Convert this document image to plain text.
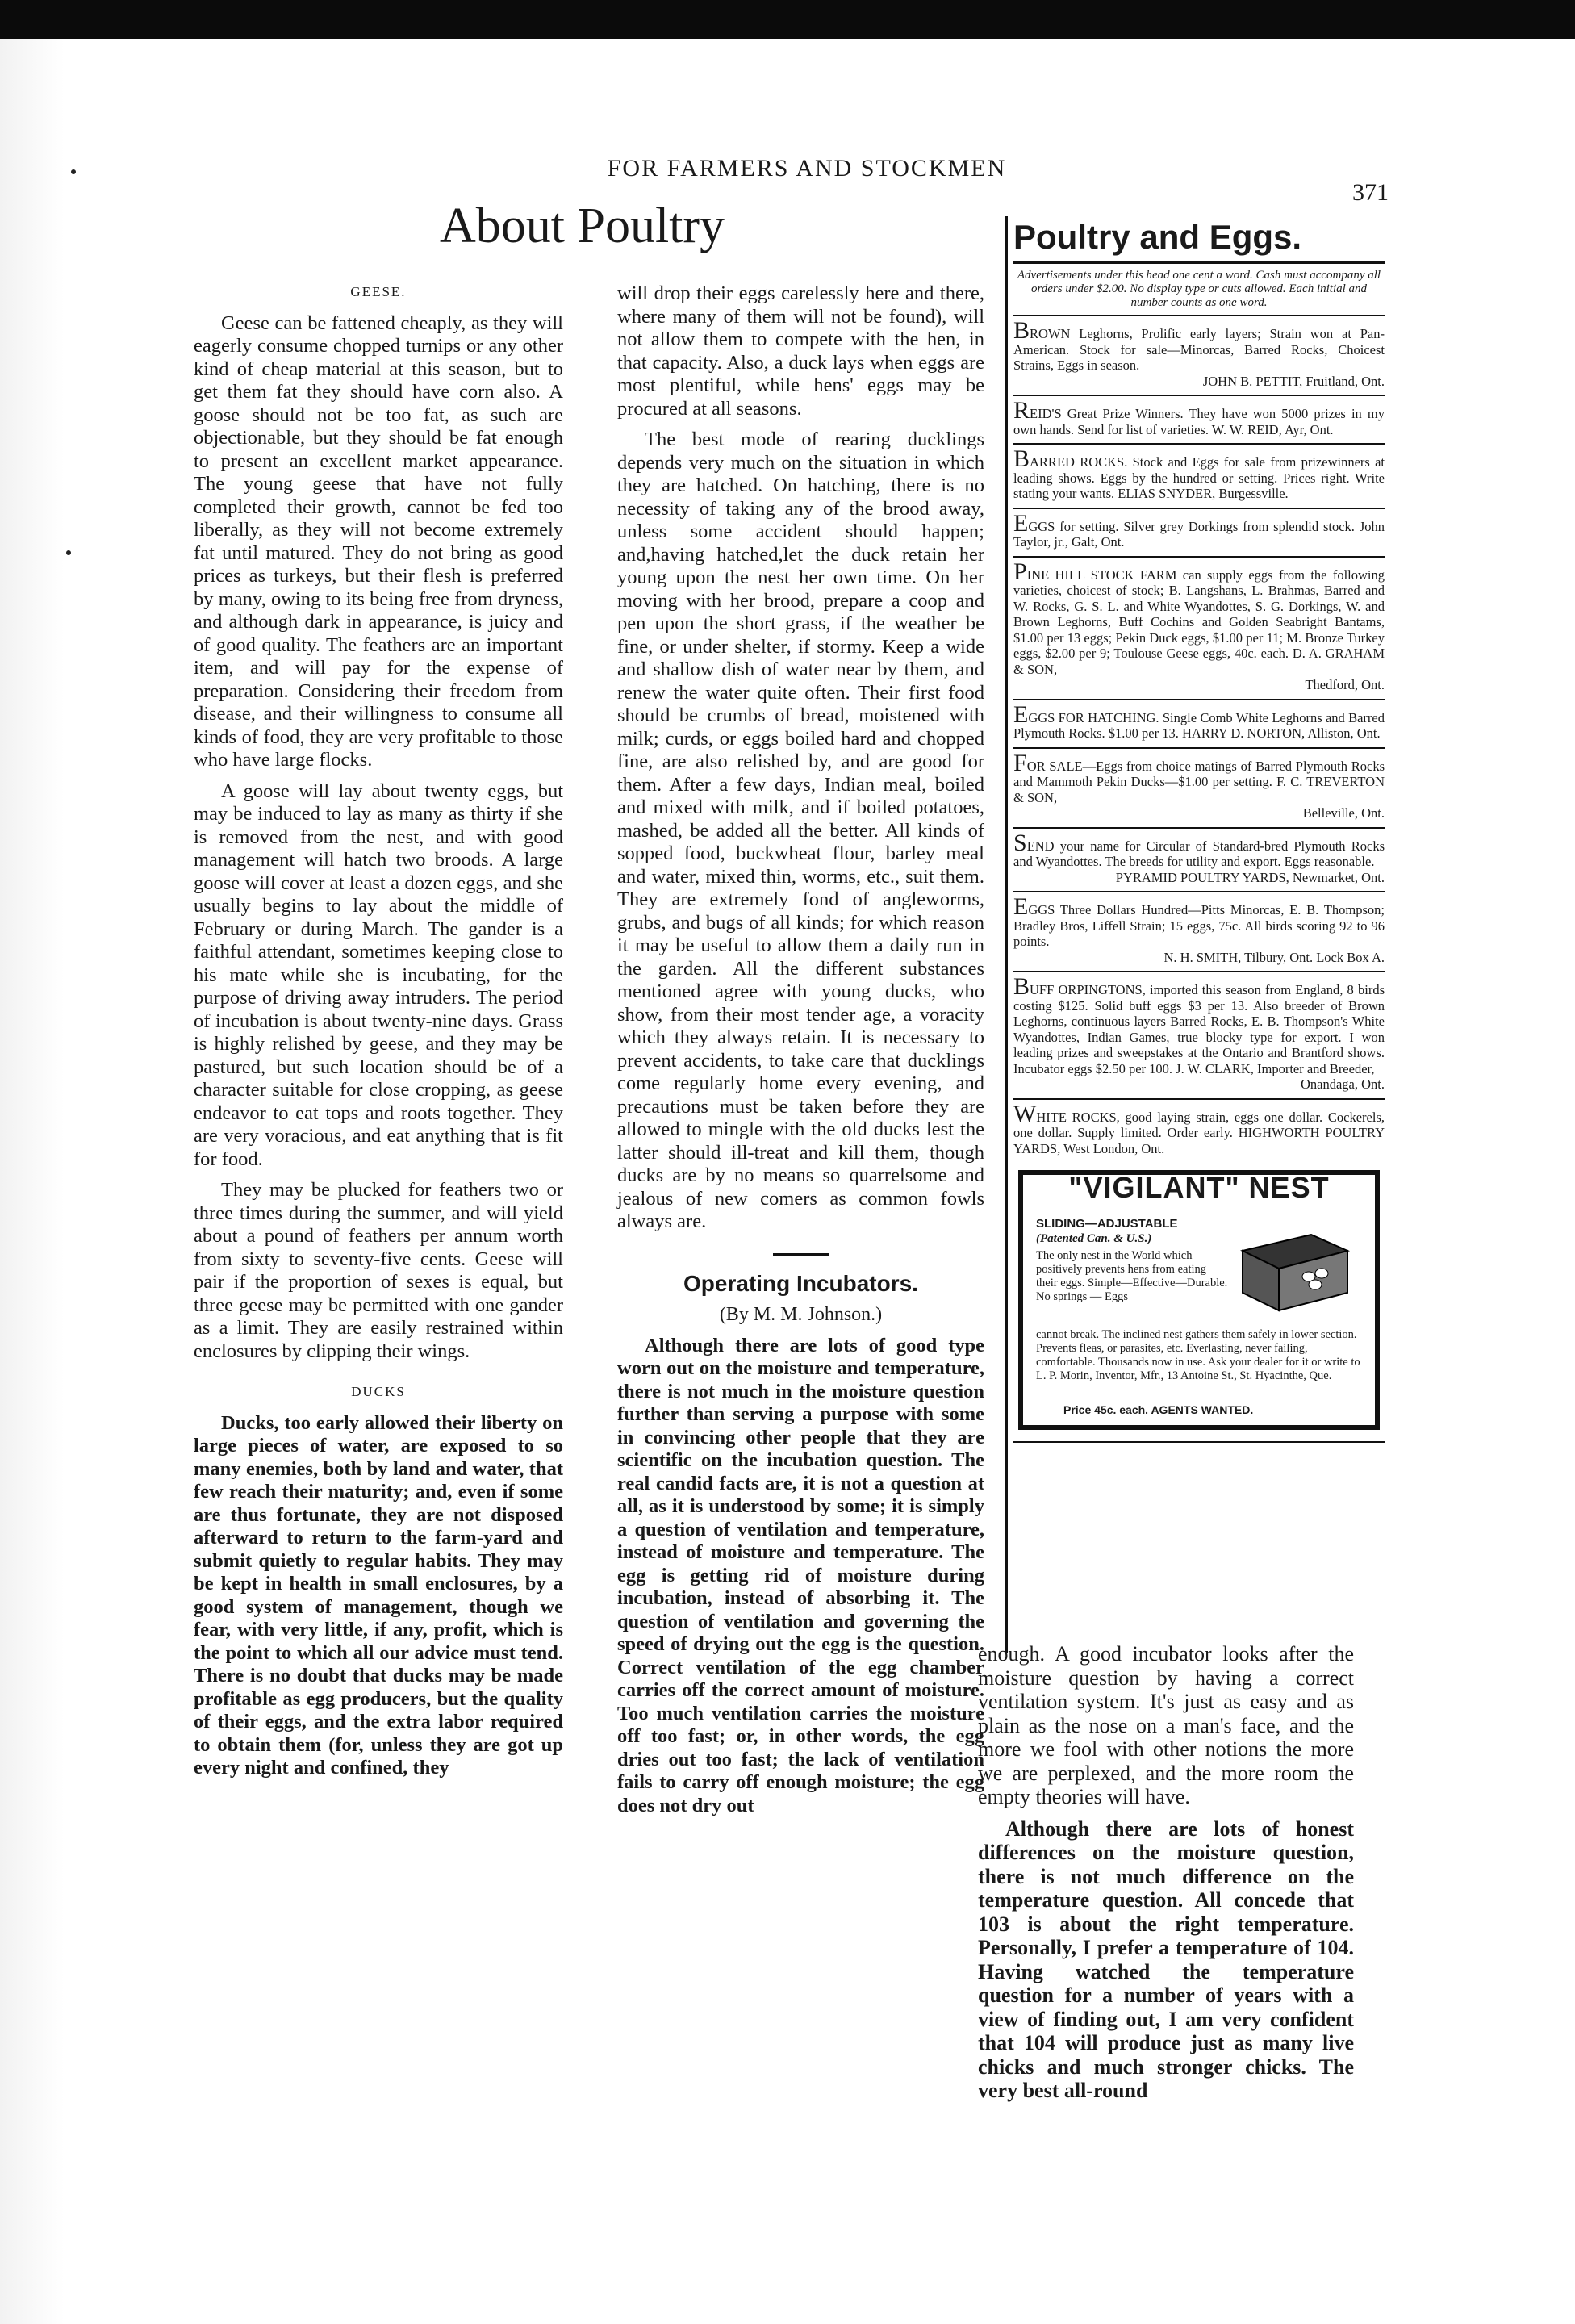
FOR FARMERS AND STOCKMEN
371
About Poultry

GEESE.

Geese can be fattened cheaply, as they will eagerly consume chopped turnips or any other kind of cheap material at this season, but to get them fat they should have corn also. A goose should not be too fat, as such are objectionable, but they should be fat enough to present an excellent market appearance. The young geese that have not fully completed their growth, cannot be fed too liberally, as they will not become extremely fat until matured. They do not bring as good prices as turkeys, but their flesh is preferred by many, owing to its being free from dryness, and although dark in appearance, is juicy and of good quality. The feathers are an important item, and will pay for the expense of preparation. Considering their freedom from disease, and their willingness to consume all kinds of food, they are very profitable to those who have large flocks.

A goose will lay about twenty eggs, but may be induced to lay as many as thirty if she is removed from the nest, and with good management will hatch two broods. A large goose will cover at least a dozen eggs, and she usually begins to lay about the middle of February or during March. The gander is a faithful attendant, sometimes keeping close to his mate while she is incubating, for the purpose of driving away intruders. The period of incubation is about twenty-nine days. Grass is highly relished by geese, and they may be pastured, but such location should be of a character suitable for close cropping, as geese endeavor to eat tops and roots together. They are very voracious, and eat anything that is fit for food.

They may be plucked for feathers two or three times during the summer, and will yield about a pound of feathers per annum worth from sixty to seventy-five cents. Geese will pair if the proportion of sexes is equal, but three geese may be permitted with one gander as a limit. They are easily restrained within enclosures by clipping their wings.

DUCKS

Ducks, too early allowed their liberty on large pieces of water, are exposed to so many enemies, both by land and water, that few reach their maturity; and, even if some are thus fortunate, they are not disposed afterward to return to the farm-yard and submit quietly to regular habits. They may be kept in health in small enclosures, by a good system of management, though we fear, with very little, if any, profit, which is the point to which all our advice must tend. There is no doubt that ducks may be made profitable as egg producers, but the quality of their eggs, and the extra labor required to obtain them (for, unless they are got up every night and confined, they

will drop their eggs carelessly here and there, where many of them will not be found), will not allow them to compete with the hen, in that capacity. Also, a duck lays when eggs are most plentiful, while hens' eggs may be procured at all seasons.

The best mode of rearing ducklings depends very much on the situation in which they are hatched. On hatching, there is no necessity of taking any of the brood away, unless some accident should happen; and,having hatched,let the duck retain her young upon the nest her own time. On her moving with her brood, prepare a coop and pen upon the short grass, if the weather be fine, or under shelter, if stormy. Keep a wide and shallow dish of water near by them, and renew the water quite often. Their first food should be crumbs of bread, moistened with milk; curds, or eggs boiled hard and chopped fine, are also relished by, and are good for them. After a few days, Indian meal, boiled and mixed with milk, and if boiled potatoes, mashed, be added all the better. All kinds of sopped food, buckwheat flour, barley meal and water, mixed thin, worms, etc., suit them. They are extremely fond of angleworms, grubs, and bugs of all kinds; for which reason it may be useful to allow them a daily run in the garden. All the different substances mentioned agree with young ducks, who show, from their most tender age, a voracity which they always retain. It is necessary to prevent accidents, to take care that ducklings come regularly home every evening, and precautions must be taken before they are allowed to mingle with the old ducks lest the latter should ill-treat and kill them, though ducks are by no means so quarrelsome and jealous of new comers as common fowls always are.

Operating Incubators.

(By M. M. Johnson.)

Although there are lots of good type worn out on the moisture and temperature, there is not much in the moisture question further than serving a purpose with some in convincing other people that they are scientific on the incubation question. The real candid facts are, it is not a question at all, as it is understood by some; it is simply a question of ventilation and temperature, instead of moisture and temperature. The egg is getting rid of moisture during incubation, instead of absorbing it. The question of ventilation and governing the speed of drying out the egg is the question. Correct ventilation of the egg chamber carries off the correct amount of moisture. Too much ventilation carries the moisture off too fast; or, in other words, the egg dries out too fast; the lack of ventilation fails to carry off enough moisture; the egg does not dry out

Poultry and Eggs.
Advertisements under this head one cent a word. Cash must accompany all orders under $2.00. No display type or cuts allowed. Each initial and number counts as one word.
BROWN Leghorns, Prolific early layers; Strain won at Pan-American. Stock for sale—Minorcas, Barred Rocks, Choicest Strains, Eggs in season.
JOHN B. PETTIT, Fruitland, Ont.
REID'S Great Prize Winners. They have won 5000 prizes in my own hands. Send for list of varieties. W. W. REID, Ayr, Ont.
BARRED ROCKS. Stock and Eggs for sale from prizewinners at leading shows. Eggs by the hundred or setting. Prices right. Write stating your wants. ELIAS SNYDER, Burgessville.
EGGS for setting. Silver grey Dorkings from splendid stock. John Taylor, jr., Galt, Ont.
PINE HILL STOCK FARM can supply eggs from the following varieties, choicest of stock; B. Langshans, L. Brahmas, Barred and W. Rocks, G. S. L. and White Wyandottes, S. G. Dorkings, W. and Brown Leghorns, Buff Cochins and Golden Seabright Bantams, $1.00 per 13 eggs; Pekin Duck eggs, $1.00 per 11; M. Bronze Turkey eggs, $2.00 per 9; Toulouse Geese eggs, 40c. each. D. A. GRAHAM & SON,
Thedford, Ont.
EGGS FOR HATCHING. Single Comb White Leghorns and Barred Plymouth Rocks. $1.00 per 13. HARRY D. NORTON, Alliston, Ont.
FOR SALE—Eggs from choice matings of Barred Plymouth Rocks and Mammoth Pekin Ducks—$1.00 per setting. F. C. TREVERTON & SON,
Belleville, Ont.
SEND your name for Circular of Standard-bred Plymouth Rocks and Wyandottes. The breeds for utility and export. Eggs reasonable.
PYRAMID POULTRY YARDS, Newmarket, Ont.
EGGS Three Dollars Hundred—Pitts Minorcas, E. B. Thompson; Bradley Bros, Liffell Strain; 15 eggs, 75c. All birds scoring 92 to 96 points.
N. H. SMITH, Tilbury, Ont. Lock Box A.
BUFF ORPINGTONS, imported this season from England, 8 birds costing $125. Solid buff eggs $3 per 13. Also breeder of Brown Leghorns, continuous layers Barred Rocks, E. B. Thompson's White Wyandottes, Indian Games, true blocky type for export. I won leading prizes and sweepstakes at the Ontario and Brantford shows. Incubator eggs $2.50 per 100. J. W. CLARK, Importer and Breeder,
Onandaga, Ont.
WHITE ROCKS, good laying strain, eggs one dollar. Cockerels, one dollar. Supply limited. Order early. HIGHWORTH POULTRY YARDS, West London, Ont.
"VIGILANT" NEST
SLIDING—ADJUSTABLE
(Patented Can. & U.S.)
The only nest in the World which positively prevents hens from eating their eggs. Simple—Effective—Durable. No springs — Eggs
cannot break. The inclined nest gathers them safely in lower section. Prevents fleas, or parasites, etc. Everlasting, never failing, comfortable. Thousands now in use. Ask your dealer for it or write to L. P. Morin, Inventor, Mfr., 13 Antoine St., St. Hyacinthe, Que.
Price 45c. each. AGENTS WANTED.

enough. A good incubator looks after the moisture question by having a correct ventilation system. It's just as easy and as plain as the nose on a man's face, and the more we fool with other notions the more we are perplexed, and the more room the empty theories will have.

Although there are lots of honest differences on the moisture question, there is not much difference on the temperature question. All concede that 103 is about the right temperature. Personally, I prefer a temperature of 104. Having watched the temperature question for a number of years with a view of finding out, I am very confident that 104 will produce just as many live chicks and much stronger chicks. The very best all-round
